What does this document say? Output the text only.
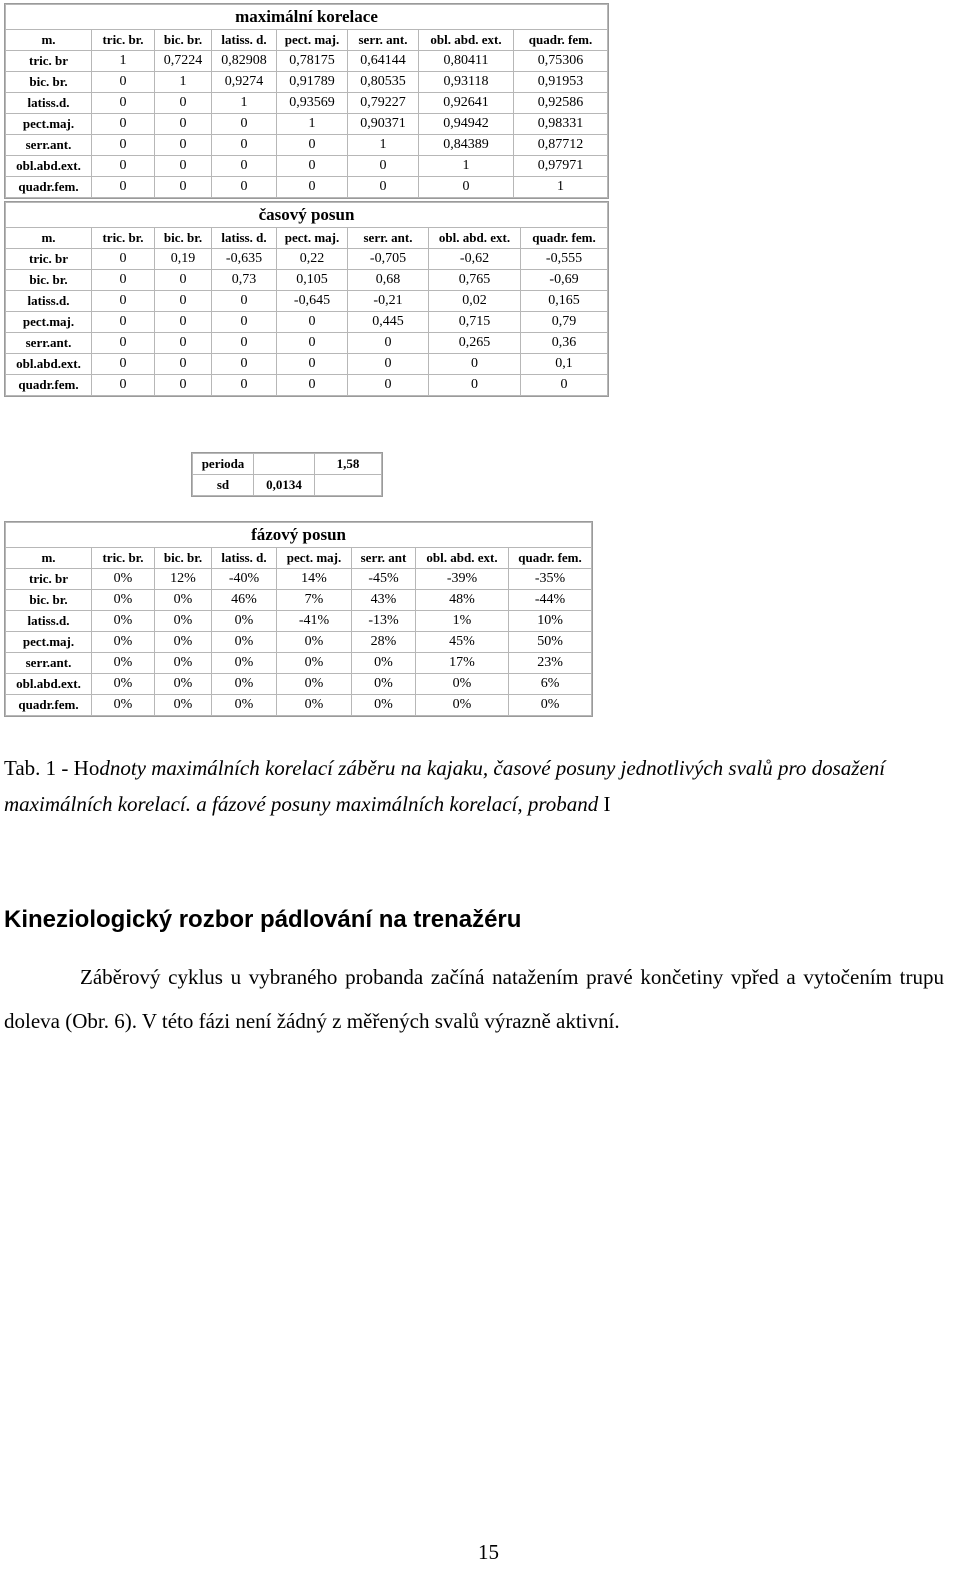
maximální korelace							
m.	tric. br.	bic. br.	latiss. d.	pect. maj.	serr. ant.	obl. abd. ext.	quadr. fem.
tric. br	1	0,7224	0,82908	0,78175	0,64144	0,80411	0,75306
bic. br.	0	1	0,9274	0,91789	0,80535	0,93118	0,91953
latiss.d.	0	0	1	0,93569	0,79227	0,92641	0,92586
pect.maj.	0	0	0	1	0,90371	0,94942	0,98331
serr.ant.	0	0	0	0	1	0,84389	0,87712
obl.abd.ext.	0	0	0	0	0	1	0,97971
quadr.fem.	0	0	0	0	0	0	1
časový posun							
m.	tric. br.	bic. br.	latiss. d.	pect. maj.	serr. ant.	obl. abd. ext.	quadr. fem.
tric. br	0	0,19	-0,635	0,22	-0,705	-0,62	-0,555
bic. br.	0	0	0,73	0,105	0,68	0,765	-0,69
latiss.d.	0	0	0	-0,645	-0,21	0,02	0,165
pect.maj.	0	0	0	0	0,445	0,715	0,79
serr.ant.	0	0	0	0	0	0,265	0,36
obl.abd.ext.	0	0	0	0	0	0	0,1
quadr.fem.	0	0	0	0	0	0	0
perioda		1,58
sd	0,0134	
fázový posun							
m.	tric. br.	bic. br.	latiss. d.	pect. maj.	serr. ant	obl. abd. ext.	quadr. fem.
tric. br	0%	12%	-40%	14%	-45%	-39%	-35%
bic. br.	0%	0%	46%	7%	43%	48%	-44%
latiss.d.	0%	0%	0%	-41%	-13%	1%	10%
pect.maj.	0%	0%	0%	0%	28%	45%	50%
serr.ant.	0%	0%	0%	0%	0%	17%	23%
obl.abd.ext.	0%	0%	0%	0%	0%	0%	6%
quadr.fem.	0%	0%	0%	0%	0%	0%	0%
Tab. 1 - Hodnoty maximálních korelací záběru na kajaku, časové posuny jednotlivých svalů pro dosažení maximálních korelací. a fázové posuny maximálních korelací, proband I
Kineziologický rozbor pádlování na trenažéru

Záběrový cyklus u vybraného probanda začíná natažením pravé končetiny vpřed a vytočením trupu doleva (Obr. 6). V této fázi není žádný z měřených svalů výrazně aktivní.

15
